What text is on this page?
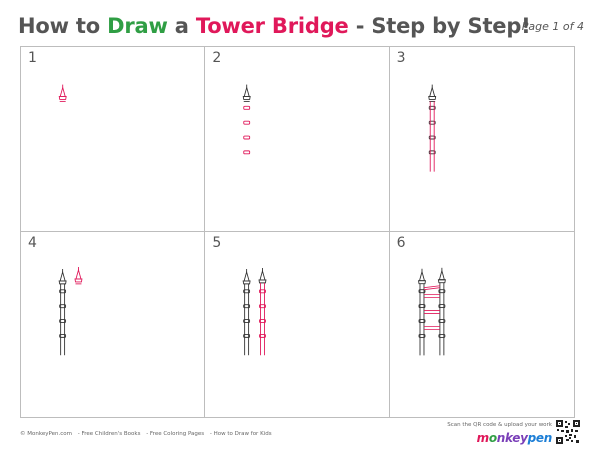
How to Draw a Tower Bridge - Step by Step!
Page 1 of 4
1	2	3
4	5	6
© MonkeyPen.com - Free Children's Books - Free Coloring Pages - How to Draw for Kids
Scan the QR code & upload your work
monkeypen
